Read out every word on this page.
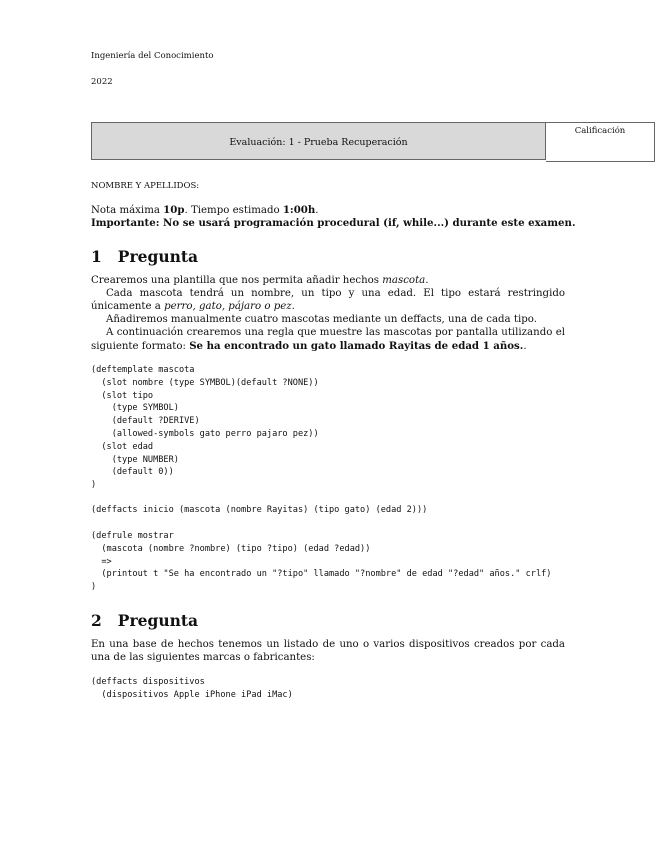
Ingeniería del Conocimiento
2022
Evaluación: 1 - Prueba Recuperación
Calificación
NOMBRE Y APELLIDOS:
Nota máxima 10p. Tiempo estimado 1:00h.
Importante: No se usará programación procedural (if, while...) durante este examen.
1 Pregunta
Crearemos una plantilla que nos permita añadir hechos mascota.
Cada mascota tendrá un nombre, un tipo y una edad. El tipo estará restringido únicamente a perro, gato, pájaro o pez.
Añadiremos manualmente cuatro mascotas mediante un deffacts, una de cada tipo.
A continuación crearemos una regla que muestre las mascotas por pantalla utilizando el siguiente formato: Se ha encontrado un gato llamado Rayitas de edad 1 años..
(deftemplate mascota
(slot nombre (type SYMBOL)(default ?NONE))
(slot tipo
(type SYMBOL)
(default ?DERIVE)
(allowed-symbols gato perro pajaro pez))
(slot edad
(type NUMBER)
(default 0))
)
(deffacts inicio (mascota (nombre Rayitas) (tipo gato) (edad 2)))
(defrule mostrar
(mascota (nombre ?nombre) (tipo ?tipo) (edad ?edad))
=>
(printout t "Se ha encontrado un "?tipo" llamado "?nombre" de edad "?edad" años." crlf)
)
2 Pregunta
En una base de hechos tenemos un listado de uno o varios dispositivos creados por cada una de las siguientes marcas o fabricantes:
(deffacts dispositivos
(dispositivos Apple iPhone iPad iMac)
